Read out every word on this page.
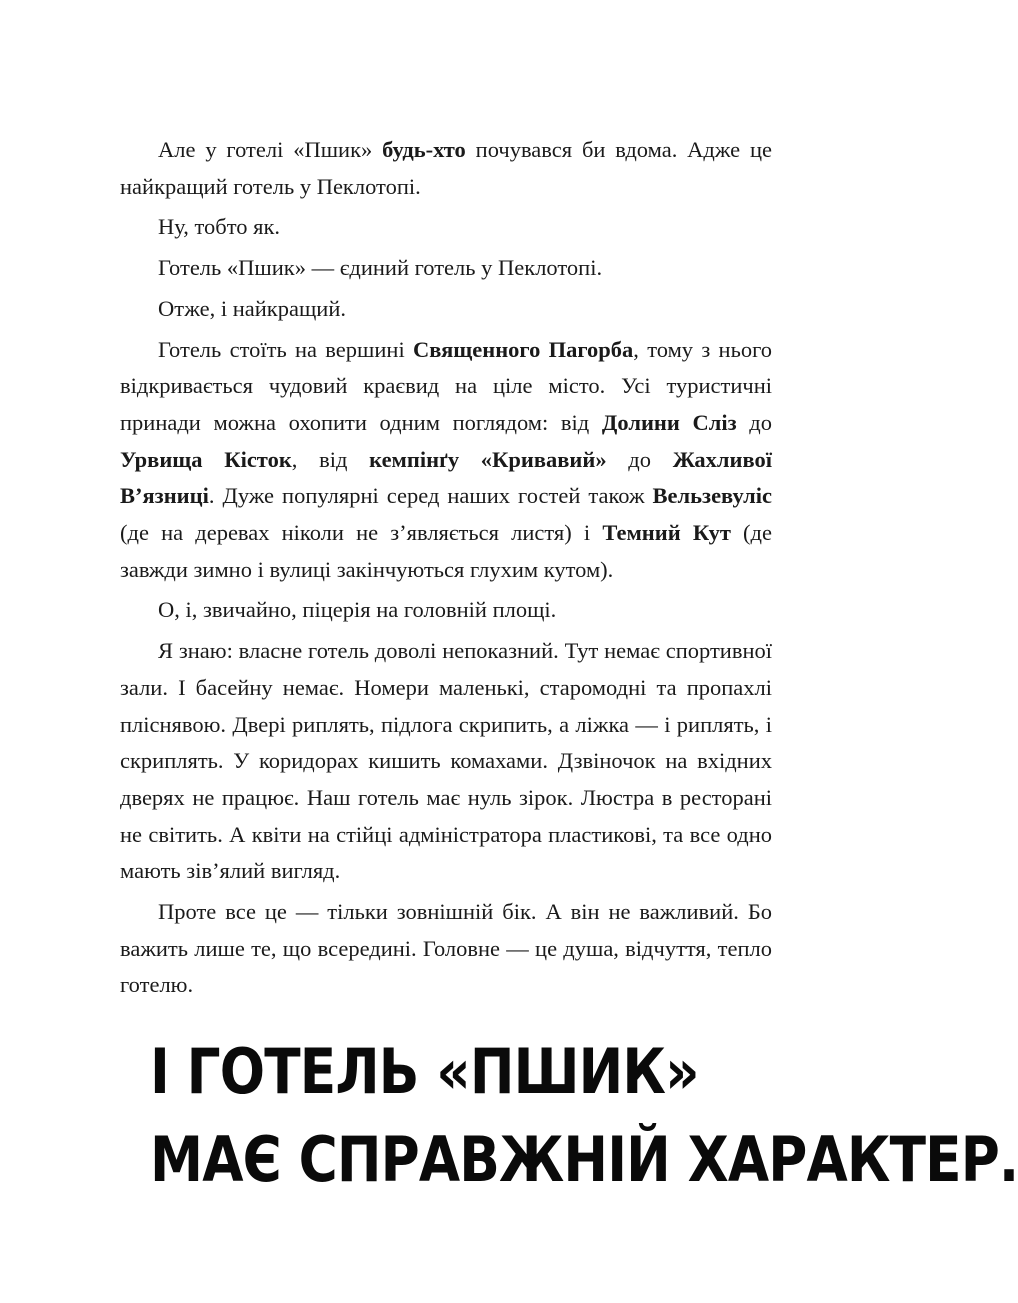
Але у готелі «Пшик» будь-хто почувався би вдома. Адже це найкращий готель у Пеклотопі.

Ну, тобто як.

Готель «Пшик» — єдиний готель у Пеклотопі.

Отже, і найкращий.

Готель стоїть на вершині Священного Пагорба, тому з нього відкривається чудовий краєвид на ціле місто. Усі туристичні принади можна охопити одним поглядом: від Долини Сліз до Урвища Кісток, від кемпінґу «Кривавий» до Жахливої В’язниці. Дуже популярні серед наших гостей також Вельзевуліс (де на деревах ніколи не з’являється листя) і Темний Кут (де завжди зимно і вулиці закінчуються глухим кутом).

О, і, звичайно, піцерія на головній площі.

Я знаю: власне готель доволі непоказний. Тут немає спортивної зали. І басейну немає. Номери маленькі, старомодні та пропахлі пліснявою. Двері риплять, підлога скрипить, а ліжка — і риплять, і скриплять. У коридорах кишить комахами. Дзвіночок на вхідних дверях не працює. Наш готель має нуль зірок. Люстра в ресторані не світить. А квіти на стійці адміністратора пластикові, та все одно мають зів’ялий вигляд.

Проте все це — тільки зовнішній бік. А він не важливий. Бо важить лише те, що всередині. Головне — це душа, відчуття, тепло готелю.

І ГОТЕЛЬ «ПШИК»
МАЄ СПРАВЖНІЙ ХАРАКТЕР.
